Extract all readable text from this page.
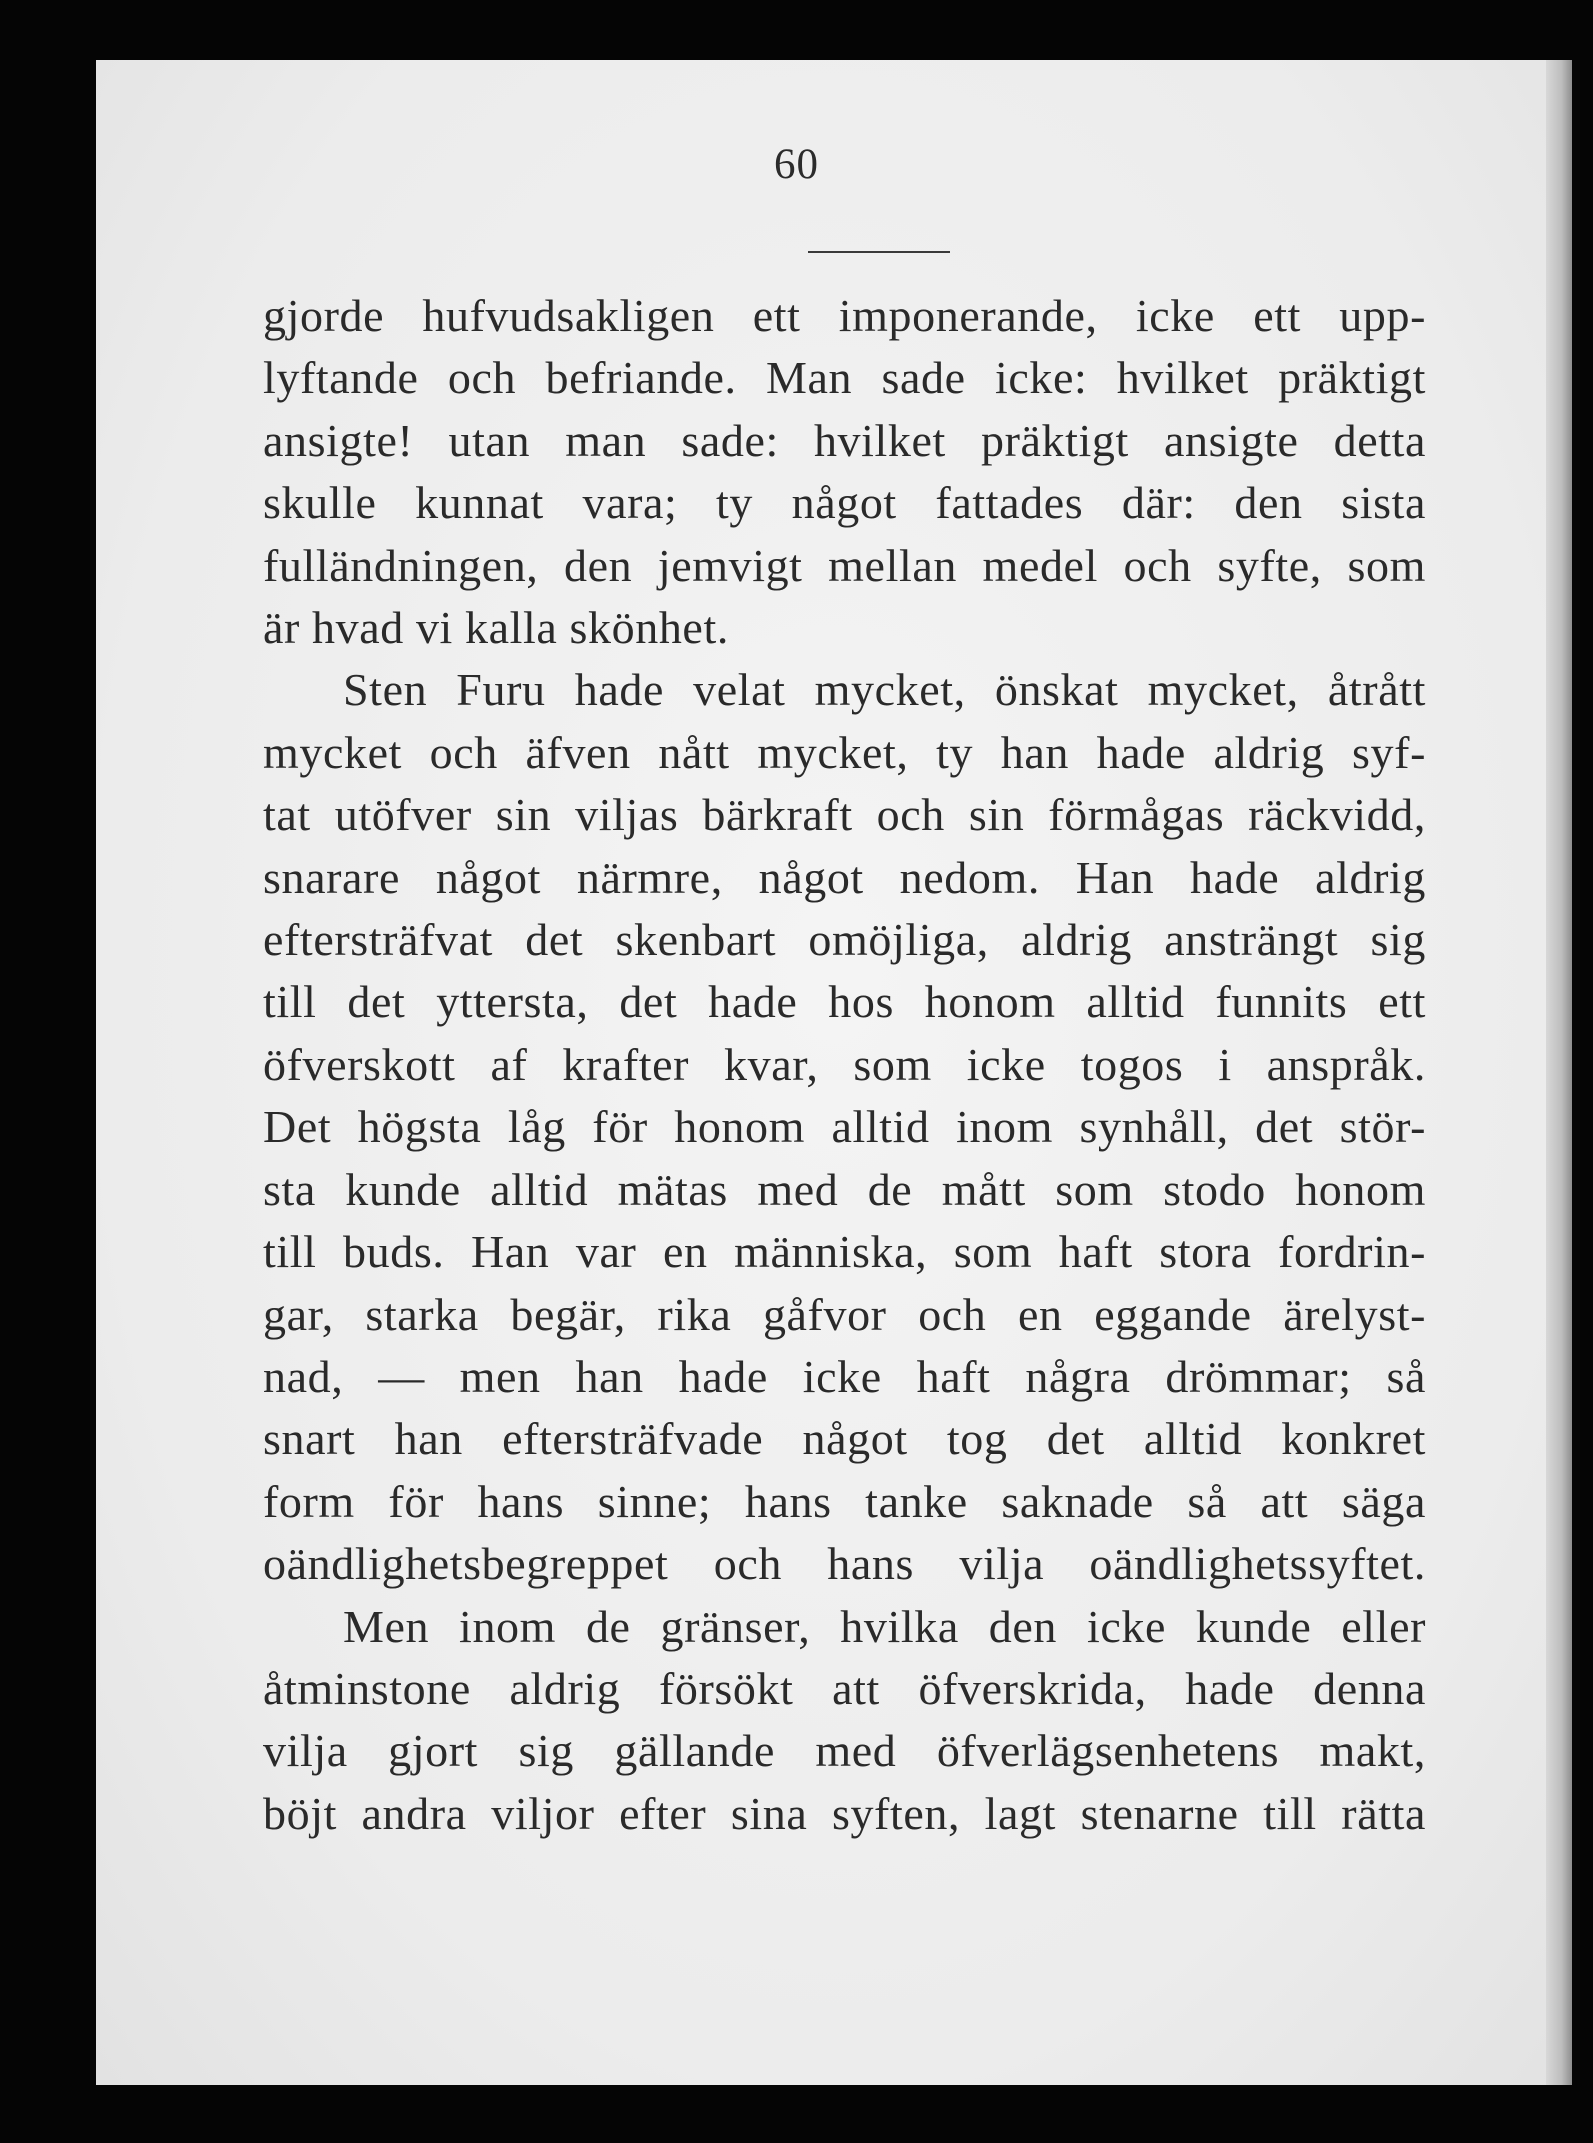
60
gjorde hufvudsakligen ett imponerande, icke ett upp-
lyftande och befriande. Man sade icke: hvilket präktigt
ansigte! utan man sade: hvilket präktigt ansigte detta
skulle kunnat vara; ty något fattades där: den sista
fulländningen, den jemvigt mellan medel och syfte, som
är hvad vi kalla skönhet.
Sten Furu hade velat mycket, önskat mycket, åtrått
mycket och äfven nått mycket, ty han hade aldrig syf-
tat utöfver sin viljas bärkraft och sin förmågas räckvidd,
snarare något närmre, något nedom. Han hade aldrig
eftersträfvat det skenbart omöjliga, aldrig ansträngt sig
till det yttersta, det hade hos honom alltid funnits ett
öfverskott af krafter kvar, som icke togos i anspråk.
Det högsta låg för honom alltid inom synhåll, det stör-
sta kunde alltid mätas med de mått som stodo honom
till buds. Han var en människa, som haft stora fordrin-
gar, starka begär, rika gåfvor och en eggande ärelyst-
nad, — men han hade icke haft några drömmar; så
snart han eftersträfvade något tog det alltid konkret
form för hans sinne; hans tanke saknade så att säga
oändlighetsbegreppet och hans vilja oändlighetssyftet.
Men inom de gränser, hvilka den icke kunde eller
åtminstone aldrig försökt att öfverskrida, hade denna
vilja gjort sig gällande med öfverlägsenhetens makt,
böjt andra viljor efter sina syften, lagt stenarne till rätta
